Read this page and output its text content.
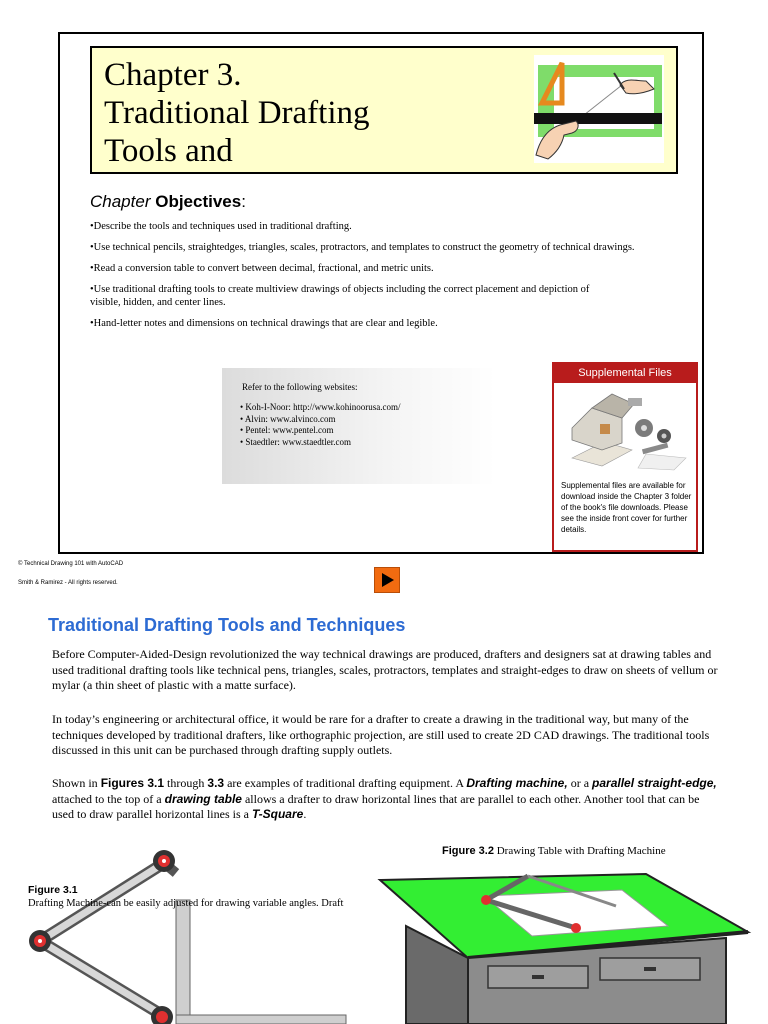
Chapter 3.
Traditional Drafting
Tools and
Chapter Objectives:

•Describe the tools and techniques used in traditional drafting.

•Use technical pencils, straightedges, triangles, scales, protractors, and templates to construct the geometry of technical drawings.

•Read a conversion table to convert between decimal, fractional, and metric units.

•Use traditional drafting tools to create multiview drawings of objects including the correct placement and depiction of visible, hidden, and center lines.

•Hand-letter notes and dimensions on technical drawings that are clear and legible.

Refer to the following websites:
• Koh-I-Noor: http://www.kohinoorusa.com/
• Alvin: www.alvinco.com
• Pentel: www.pentel.com
• Staedtler: www.staedtler.com
Supplemental Files
Supplemental files are available for download inside the Chapter 3 folder of the book's file downloads. Please see the inside front cover for further details.
© Technical Drawing 101 with AutoCAD
Smith & Ramirez - All rights reserved.
Traditional Drafting Tools and Techniques
Before Computer-Aided-Design revolutionized the way technical drawings are produced, drafters and designers sat at drawing tables and used traditional drafting tools like technical pens, triangles, scales, protractors, templates and straight-edges to draw on sheets of vellum or mylar (a thin sheet of plastic with a matte surface).
In today’s engineering or architectural office, it would be rare for a drafter to create a drawing in the traditional way, but many of the techniques developed by traditional drafters, like orthographic projection, are still used to create 2D CAD drawings. The traditional tools discussed in this unit can be purchased through drafting supply outlets.
Shown in Figures 3.1 through 3.3 are examples of traditional drafting equipment. A Drafting machine, or a parallel straight-edge, attached to the top of a drawing table allows a drafter to draw horizontal lines that are parallel to each other. Another tool that can be used to draw parallel horizontal lines is a T-Square.
Figure 3.1
Drafting Machine-can be easily adjusted for drawing variable angles. Draft
Figure 3.2 Drawing Table with Drafting Machine
